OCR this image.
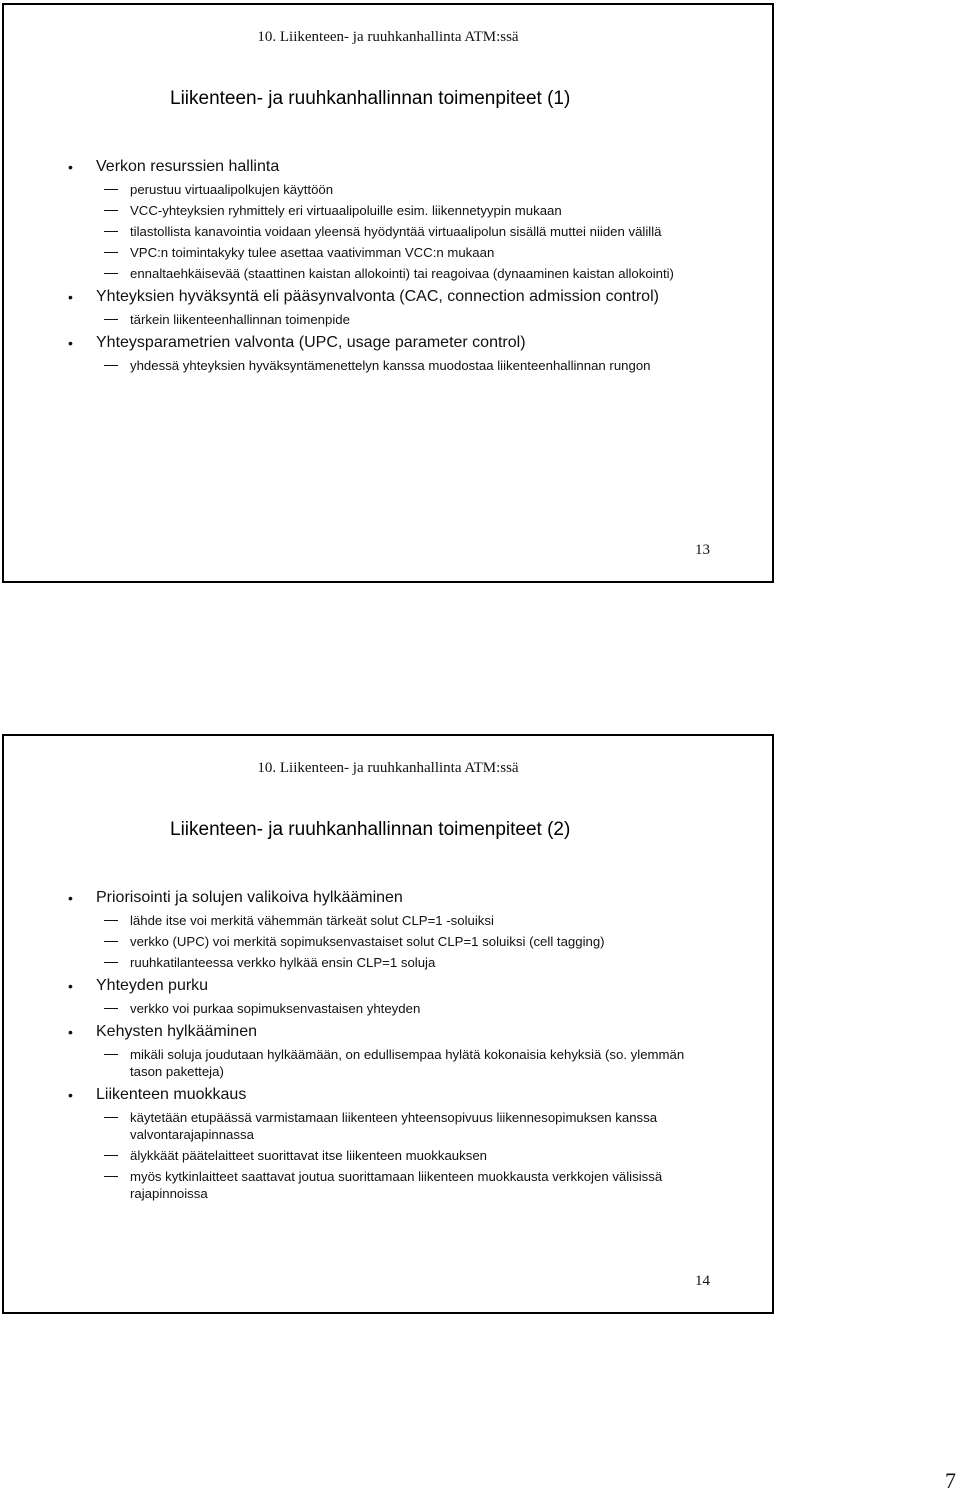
10. Liikenteen- ja ruuhkanhallinta ATM:ssä
Liikenteen- ja ruuhkanhallinnan toimenpiteet (1)
• Verkon resurssien hallinta
perustuu virtuaalipolkujen käyttöön
VCC-yhteyksien ryhmittely eri virtuaalipoluille esim. liikennetyypin mukaan
tilastollista kanavointia voidaan yleensä hyödyntää virtuaalipolun sisällä muttei niiden välillä
VPC:n toimintakyky tulee asettaa vaativimman VCC:n mukaan
ennaltaehkäisevää (staattinen kaistan allokointi) tai reagoivaa (dynaaminen kaistan allokointi)
• Yhteyksien hyväksyntä eli pääsynvalvonta (CAC, connection admission control)
tärkein liikenteenhallinnan toimenpide
• Yhteysparametrien valvonta (UPC, usage parameter control)
yhdessä yhteyksien hyväksyntämenettelyn kanssa muodostaa liikenteenhallinnan rungon
13
10. Liikenteen- ja ruuhkanhallinta ATM:ssä
Liikenteen- ja ruuhkanhallinnan toimenpiteet (2)
• Priorisointi ja solujen valikoiva hylkääminen
lähde itse voi merkitä vähemmän tärkeät solut CLP=1 -soluiksi
verkko (UPC) voi merkitä sopimuksenvastaiset solut CLP=1 soluiksi (cell tagging)
ruuhkatilanteessa verkko hylkää ensin CLP=1 soluja
• Yhteyden purku
verkko voi purkaa sopimuksenvastaisen yhteyden
• Kehysten hylkääminen
mikäli soluja joudutaan hylkäämään, on edullisempaa hylätä kokonaisia kehyksiä (so. ylemmän tason paketteja)
• Liikenteen muokkaus
käytetään etupäässä varmistamaan liikenteen yhteensopivuus liikennesopimuksen kanssa valvontarajapinnassa
älykkäät päätelaitteet suorittavat itse liikenteen muokkauksen
myös kytkinlaitteet saattavat joutua suorittamaan liikenteen muokkausta verkkojen välisissä rajapinnoissa
14
7
